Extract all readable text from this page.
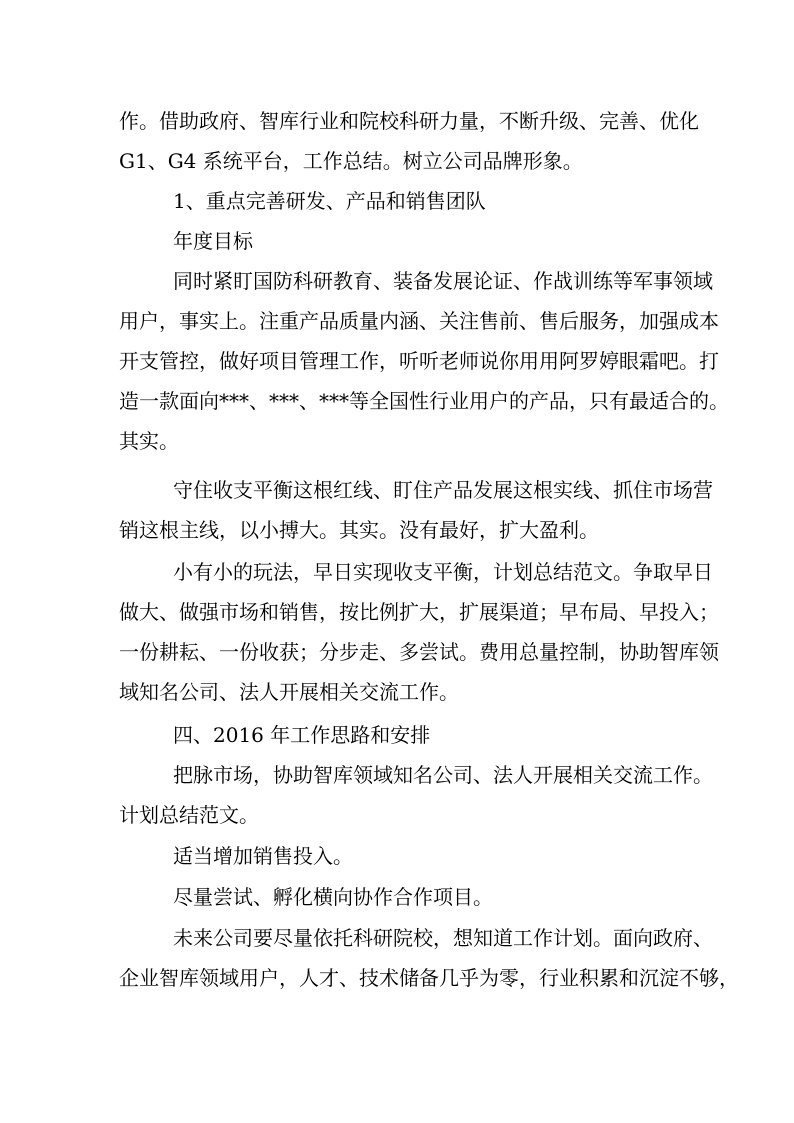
作。借助政府、智库行业和院校科研力量，不断升级、完善、优化
G1、G4 系统平台，工作总结。树立公司品牌形象。
1、重点完善研发、产品和销售团队
年度目标
同时紧盯国防科研教育、装备发展论证、作战训练等军事领域
用户，事实上。注重产品质量内涵、关注售前、售后服务，加强成本
开支管控，做好项目管理工作，听听老师说你用用阿罗婷眼霜吧。打
造一款面向***、***、***等全国性行业用户的产品，只有最适合的。
其实。
守住收支平衡这根红线、盯住产品发展这根实线、抓住市场营
销这根主线，以小搏大。其实。没有最好，扩大盈利。
小有小的玩法，早日实现收支平衡，计划总结范文。争取早日
做大、做强市场和销售，按比例扩大，扩展渠道；早布局、早投入；
一份耕耘、一份收获；分步走、多尝试。费用总量控制，协助智库领
域知名公司、法人开展相关交流工作。
四、2016 年工作思路和安排
把脉市场，协助智库领域知名公司、法人开展相关交流工作。
计划总结范文。
适当增加销售投入。
尽量尝试、孵化横向协作合作项目。
未来公司要尽量依托科研院校，想知道工作计划。面向政府、
企业智库领域用户，人才、技术储备几乎为零，行业积累和沉淀不够，
